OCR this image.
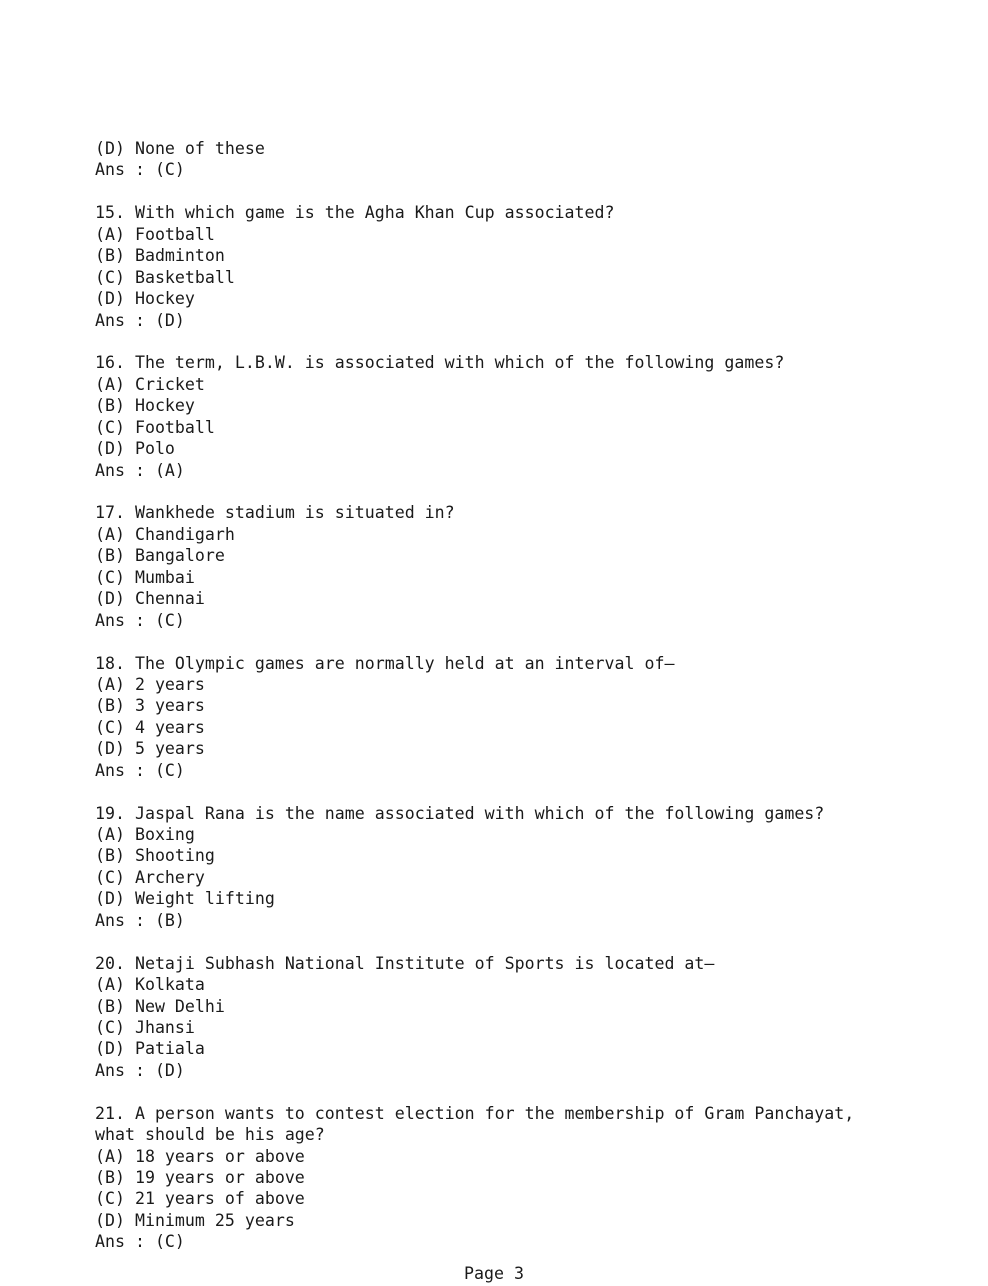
(D) None of these
Ans : (C)
15. With which game is the Agha Khan Cup associated?
(A) Football
(B) Badminton
(C) Basketball
(D) Hockey
Ans : (D)
16. The term, L.B.W. is associated with which of the following games?
(A) Cricket
(B) Hockey
(C) Football
(D) Polo
Ans : (A)
17. Wankhede stadium is situated in?
(A) Chandigarh
(B) Bangalore
(C) Mumbai
(D) Chennai
Ans : (C)
18. The Olympic games are normally held at an interval of—
(A) 2 years
(B) 3 years
(C) 4 years
(D) 5 years
Ans : (C)
19. Jaspal Rana is the name associated with which of the following games?
(A) Boxing
(B) Shooting
(C) Archery
(D) Weight lifting
Ans : (B)
20. Netaji Subhash National Institute of Sports is located at—
(A) Kolkata
(B) New Delhi
(C) Jhansi
(D) Patiala
Ans : (D)
21. A person wants to contest election for the membership of Gram Panchayat,
what should be his age?
(A) 18 years or above
(B) 19 years or above
(C) 21 years of above
(D) Minimum 25 years
Ans : (C)
Page 3
